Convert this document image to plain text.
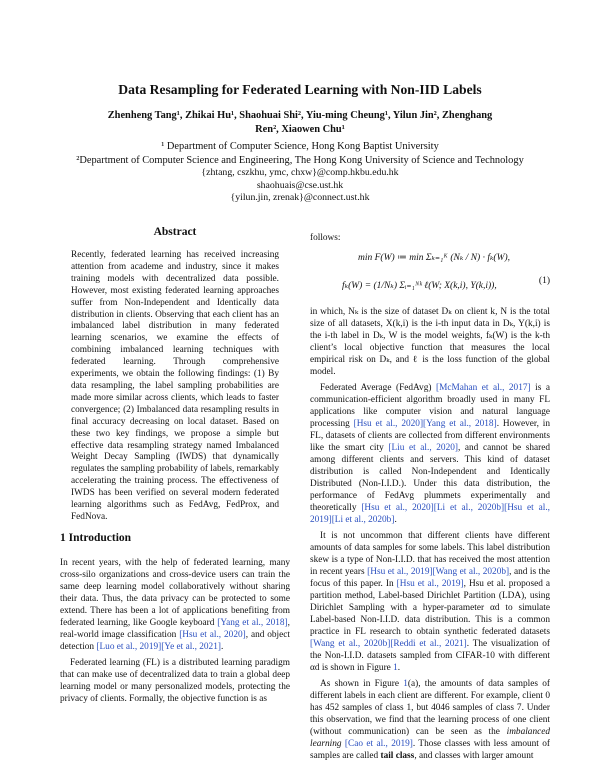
Data Resampling for Federated Learning with Non-IID Labels
Zhenheng Tang¹, Zhikai Hu¹, Shaohuai Shi², Yiu-ming Cheung¹, Yilun Jin², Zhenghang
Ren², Xiaowen Chu¹
¹ Department of Computer Science, Hong Kong Baptist University
²Department of Computer Science and Engineering, The Hong Kong University of Science and Technology
{zhtang, cszkhu, ymc, chxw}@comp.hkbu.edu.hk
shaohuais@cse.ust.hk
{yilun.jin, zrenak}@connect.ust.hk
Abstract
Recently, federated learning has received increasing attention from academe and industry, since it makes training models with decentralized data possible. However, most existing federated learning approaches suffer from Non-Independent and Identically data distribution in clients. Observing that each client has an imbalanced label distribution in many federated learning scenarios, we examine the effects of combining imbalanced learning techniques with federated learning. Through comprehensive experiments, we obtain the following findings: (1) By data resampling, the label sampling probabilities are made more similar across clients, which leads to faster convergence; (2) Imbalanced data resampling results in final accuracy decreasing on local dataset. Based on these two key findings, we propose a simple but effective data resampling strategy named Imbalanced Weight Decay Sampling (IWDS) that dynamically regulates the sampling probability of labels, remarkably accelerating the training process. The effectiveness of IWDS has been verified on several modern federated learning algorithms such as FedAvg, FedProx, and FedNova.
1 Introduction

In recent years, with the help of federated learning, many cross-silo organizations and cross-device users can train the same deep learning model collaboratively without sharing their data. Thus, the data privacy can be protected to some extend. There has been a lot of applications benefiting from federated learning, like Google keyboard [Yang et al., 2018], real-world image classification [Hsu et al., 2020], and object detection [Luo et al., 2019][Ye et al., 2021].

Federated learning (FL) is a distributed learning paradigm that can make use of decentralized data to train a global deep learning model or many personalized models, protecting the privacy of clients. Formally, the objective function is as

follows:

min F(W) ≔ min Σₖ₌₁ᴷ (Nₖ / N) · fₖ(W),
fₖ(W) = (1/Nₖ) Σᵢ₌₁ᴺᵏ ℓ(W; X(k,i), Y(k,i)),	(1)

in which, Nₖ is the size of dataset Dₖ on client k, N is the total size of all datasets, X(k,i) is the i-th input data in Dₖ, Y(k,i) is the i-th label in Dₖ, W is the model weights, fₖ(W) is the k-th client’s local objective function that measures the local empirical risk on Dₖ, and ℓ is the loss function of the global model.

Federated Average (FedAvg) [McMahan et al., 2017] is a communication-efficient algorithm broadly used in many FL applications like computer vision and natural language processing [Hsu et al., 2020][Yang et al., 2018]. However, in FL, datasets of clients are collected from different environments like the smart city [Liu et al., 2020], and cannot be shared among different clients and servers. This kind of dataset distribution is called Non-Independent and Identically Distributed (Non-I.I.D.). Under this data distribution, the performance of FedAvg plummets experimentally and theoretically [Hsu et al., 2020][Li et al., 2020b][Hsu et al., 2019][Li et al., 2020b].

It is not uncommon that different clients have different amounts of data samples for some labels. This label distribution skew is a type of Non-I.I.D. that has received the most attention in recent years [Hsu et al., 2019][Wang et al., 2020b], and is the focus of this paper. In [Hsu et al., 2019], Hsu et al. proposed a partition method, Label-based Dirichlet Partition (LDA), using Dirichlet Sampling with a hyper-parameter αd to simulate Label-based Non-I.I.D. data distribution. This is a common practice in FL research to obtain synthetic federated datasets [Wang et al., 2020b][Reddi et al., 2021]. The visualization of the Non-I.I.D. datasets sampled from CIFAR-10 with different αd is shown in Figure 1.

As shown in Figure 1(a), the amounts of data samples of different labels in each client are different. For example, client 0 has 452 samples of class 1, but 4046 samples of class 7. Under this observation, we find that the learning process of one client (without communication) can be seen as the imbalanced learning [Cao et al., 2019]. Those classes with less amount of samples are called tail class, and classes with larger amount
